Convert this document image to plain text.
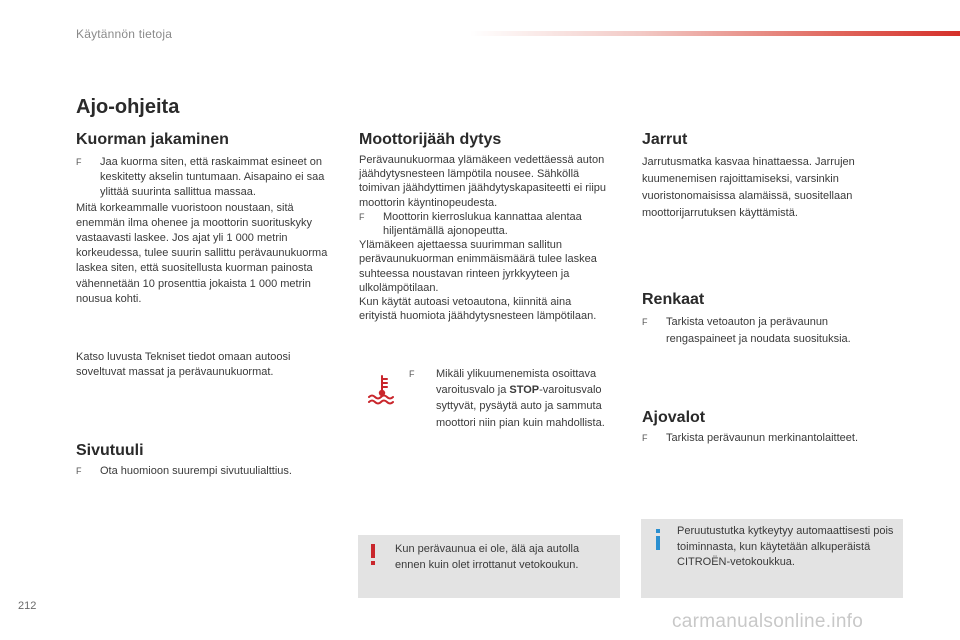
Käytännön tietoja
Ajo-ohjeita
Kuorman jakaminen
F Jaa kuorma siten, että raskaimmat esineet on keskitetty akselin tuntumaan. Aisapaino ei saa ylittää suurinta sallittua massaa.

Mitä korkeammalle vuoristoon noustaan, sitä enemmän ilma ohenee ja moottorin suorituskyky vastaavasti laskee. Jos ajat yli 1 000 metrin korkeudessa, tulee suurin sallittu perävaunukuorma laskea siten, että suositellusta kuorman painosta vähennetään 10 prosenttia jokaista 1 000 metrin nousua kohti.

Katso luvusta Tekniset tiedot omaan autoosi soveltuvat massat ja perävaunukuormat.

Sivutuuli
F Ota huomioon suurempi sivutuulialttius.
Moottorijääh dytys

Perävaunukuormaa ylämäkeen vedettäessä auton jäähdytysnesteen lämpötila nousee. Sähköllä toimivan jäähdyttimen jäähdytyskapasiteetti ei riipu moottorin käyntinopeudesta.

F Moottorin kierroslukua kannattaa alentaa hiljentämällä ajonopeutta.

Ylämäkeen ajettaessa suurimman sallitun perävaunukuorman enimmäismäärä tulee laskea suhteessa noustavan rinteen jyrkkyyteen ja ulkolämpötilaan.

Kun käytät autoasi vetoautona, kiinnitä aina erityistä huomiota jäähdytysnesteen lämpötilaan.

F Mikäli ylikuumenemista osoittava varoitusvalo ja STOP-varoitusvalo syttyvät, pysäytä auto ja sammuta moottori niin pian kuin mahdollista.
Kun perävaunua ei ole, älä aja autolla ennen kuin olet irrottanut vetokoukun.
Jarrut

Jarrutusmatka kasvaa hinattaessa. Jarrujen kuumenemisen rajoittamiseksi, varsinkin vuoristonomaisissa alamäissä, suositellaan moottorijarrutuksen käyttämistä.

Renkaat
F Tarkista vetoauton ja perävaunun rengaspaineet ja noudata suosituksia.
Ajovalot
F Tarkista perävaunun merkinantolaitteet.
Peruutustutka kytkeytyy automaattisesti pois toiminnasta, kun käytetään alkuperäistä CITROËN-vetokoukkua.
212
carmanualsonline.info
